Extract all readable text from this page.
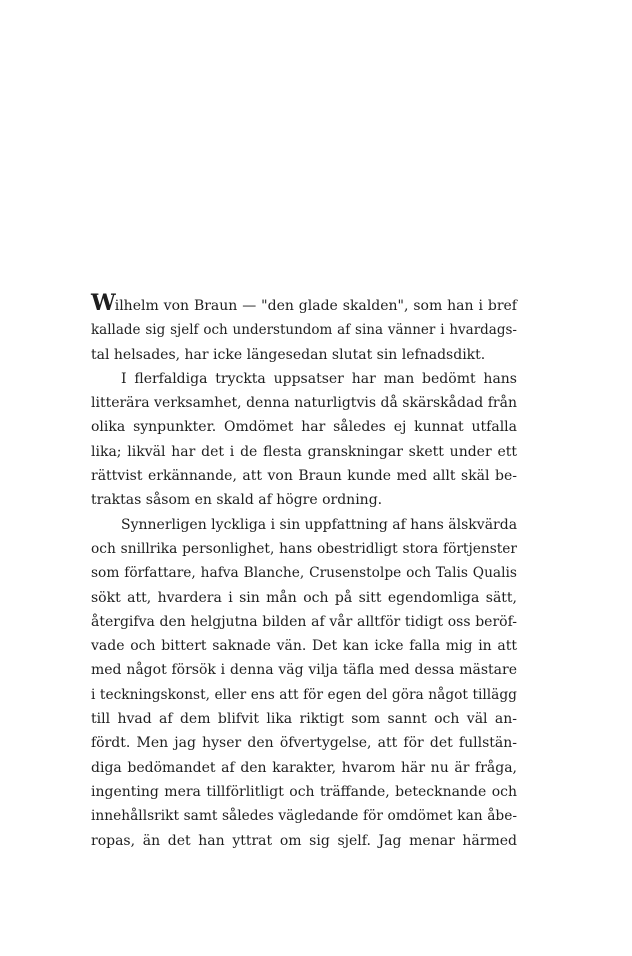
Wilhelm von Braun — "den glade skalden", som han i bref
kallade sig sjelf och understundom af sina vänner i hvardags-
tal helsades, har icke längesedan slutat sin lefnadsdikt.
I flerfaldiga tryckta uppsatser har man bedömt hans
litterära verksamhet, denna naturligtvis då skärskådad från
olika synpunkter. Omdömet har således ej kunnat utfalla
lika; likväl har det i de flesta granskningar skett under ett
rättvist erkännande, att von Braun kunde med allt skäl be-
traktas såsom en skald af högre ordning.
Synnerligen lyckliga i sin uppfattning af hans älskvärda
och snillrika personlighet, hans obestridligt stora förtjenster
som författare, hafva Blanche, Crusenstolpe och Talis Qualis
sökt att, hvardera i sin mån och på sitt egendomliga sätt,
återgifva den helgjutna bilden af vår alltför tidigt oss beröf-
vade och bittert saknade vän. Det kan icke falla mig in att
med något försök i denna väg vilja täfla med dessa mästare
i teckningskonst, eller ens att för egen del göra något tillägg
till hvad af dem blifvit lika riktigt som sannt och väl an-
fördt. Men jag hyser den öfvertygelse, att för det fullstän-
diga bedömandet af den karakter, hvarom här nu är fråga,
ingenting mera tillförlitligt och träffande, betecknande och
innehållsrikt samt således vägledande för omdömet kan åbe-
ropas, än det han yttrat om sig sjelf. Jag menar härmed
